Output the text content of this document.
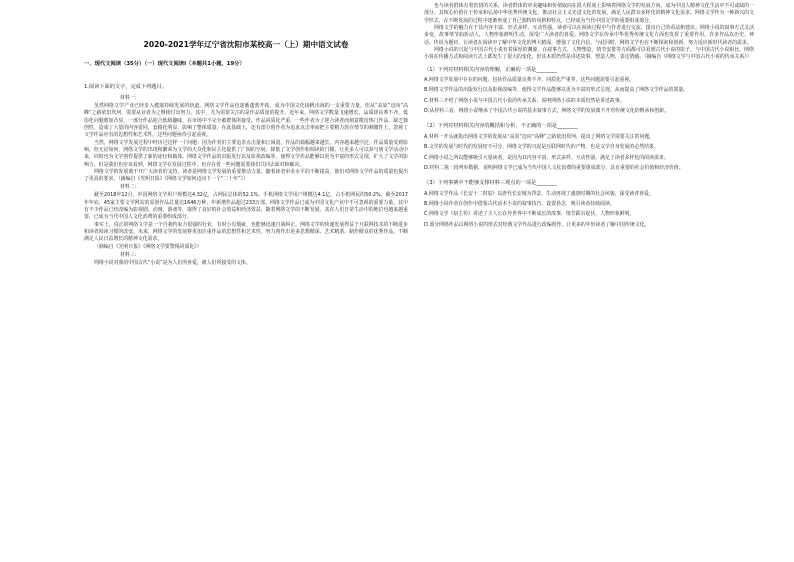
2020-2021学年辽宁省沈阳市某校高一（上）期中语文试卷
一、现代文阅读（35分）（一）现代文阅读Ⅰ（本题共1小题，19分）
1.阅读下面的文字，完成下列题目。
材料一：

虽然网络文学产业已经步入健康持续发展的轨道，网络文学作品也逐渐蓬勃开拓，成为中国文化扬帆出海的一支重要力量，但从“高原”迈向“高峰”之路依旧坎坷，需要从业者为之继续付出努力。其中，尤为需要关注的是作品质量的提升。近年来，网络文学数量飞速增长，品质却良莠不齐，低俗化问题愈加凸显，一部分作品迎合低级趣味，在市场中不完全被群体所接受。作品同质化严重，一些作者为了迎合读者而刻意模仿热门作品，缺乏独创性，造成了大量的内容雷同，套路化明显，影响了整体质量。在此基础上，还有部分创作者为追求点击率而把主要精力放在情节的刺激性上，忽视了文学作品应有的思想性和艺术性。这些问题亟待引起重视。

当然，网络文学发展过程中经历过这样一个问题：因为作者们主要追求点击量和订阅量，作品的篇幅越来越长，内容越来越空泛，作品质量受到影响。但无论如何，网络文学的出现和繁荣为文学的大众化和民主化提供了广阔的空间，降低了文学创作和阅读的门槛，让更多人可以参与到文学活动中来，同时也为文学创作提供了新的途径和载体。网络文学作品的出版发行以及影视改编等，使得文学作品能够以更为丰富的形式呈现，扩大了文学的影响力。但是我们也应该看到，网络文学在发展过程中，也存在着一些问题需要我们共同去面对和解决。

网络文学的发展离不开广大读者的支持，读者是网络文学发展的重要推动力量。随着读者审美水平的不断提高，他们对网络文学作品的质量也提出了更高的要求。（摘编自《光明日报》《网络文学如何迈向下一个“二十年”》）

材料二：

截至2018年12月，中国网络文学用户规模达4.32亿，占网民总体的52.1%。手机网络文学用户规模达4.1亿，占手机网民的50.2%。截至2017年年底，45家主要文学网站的原创作品总量达1646万种，年新增作品超过233万部。网络文学作品已成为中国文化产业中不可忽视的重要力量，其中有不少作品已经改编为影视剧、动漫、游戏等，取得了良好的社会效益和经济效益。随着网络文学的不断发展，其在人们日常生活中的地位也越来越重要，已成为当代中国人文化消费的重要组成部分。

事实上，真正的网络文学是一个自我约束力很强的行业，有时小有瑕疵，也能够迅速自我纠正。网络文学的快速发展得益于互联网技术的不断进步和读者阅读习惯的改变。未来，网络文学的发展将更加注重作品的思想性和艺术性，努力创作出更多思想精深、艺术精湛、制作精良的优秀作品，不断满足人民日益增长的精神文化需求。

（摘编自《光明日报》《网络文学要警惕同质化》）
材料三：

网络小说对我的中国古代“小说”是为人们所喜爱，被人们所接受的文体。

也与读者群体有着密切的关系，读者群体的审美趣味和价值取向在很大程度上影响着网络文学的发展方向。成为中国人精神文化生活中不可或缺的一部分。其核心价值在于传承和弘扬中华优秀传统文化，推动社会主义先进文化的发展，满足人民群众多样化的精神文化需求。网络文学作为一种新兴的文学形式，在不断发展的过程中逐渐形成了自己独特的风格和特点，已经成为当代中国文学的重要组成部分。

网络文学的魅力在于其内容丰富、形式多样、互动性强，读者可以在阅读过程中与作者进行交流，提出自己的看法和建议。网络小说的叙事方式灵活多变，故事情节曲折动人，人物形象鲜明生动，深受广大读者的喜爱。网络文学在传承中华优秀传统文化方面也发挥了重要作用，许多作品以历史、神话、传说为题材，让读者在阅读中了解中华文化的博大精深，增强了文化自信。与此同时，网络文学也在不断探索和创新，努力适应新时代读者的需求。

网络小说的兴起与中国古代小说有着深厚的渊源，在叙事方式、人物塑造、情节安排等方面都可以看到古代小说的影子。与中国古代小说相比，网络小说在传播方式和阅读方式上都发生了很大的变化，但其本质仍然是讲述故事、塑造人物、表达情感。（摘编自《网络文学与中国古代小说的传承关系》）

（1）下列对材料相关内容的理解，正确的一项是________
A.网络文学发展中存在的问题，包括作品质量良莠不齐、同质化严重等，这些问题需要引起重视。
B.网络文学作品的出版发行以及影视改编等，使得文学作品能够以更为丰富的形式呈现，从而提高了网络文学作品的质量。
C.材料三介绍了网络小说与中国古代小说的传承关系，说明网络小说的本质仍然是讲述故事。
D.从材料三看，网络小说继承了中国古代小说的基本叙事方式，网络文学的发展离不开对传统文化的继承和创新。
（2）下列对材料相关内容的概括和分析，不正确的一项是________
A.材料一开头就指出网络文学的发展从“高原”迈向“高峰”之路依旧坎坷，提出了网络文学需要关注的问题。
B.文学的发展与时代的发展密不可分，网络文学的兴起是互联网时代的产物，也是文学自身发展的必然结果。
C.网络小说之所以能够吸引大量读者，是因为其内容丰富、形式多样、互动性强，满足了读者多样化的阅读需求。
D.材料二第一段列举数据，说明网络文学已成为当代中国人文化消费的重要组成部分，具有重要的社会价值和经济价值。
（3）下列事例中不能够支撑材料三观点的一项是________
A.网络文学作品《长安十二时辰》以唐代长安城为背景，生动再现了盛唐时期的社会风貌，深受读者喜爱。
B.网络小说作者在创作中借鉴古代话本小说的叙事技巧，设置悬念，吸引读者持续阅读。
C.网络文学《宿主传》讲述了主人公在异世界中不断成长的故事，情节跌宕起伏，人物形象鲜明。
D.部分网络作品以网络小说的形式对经典文学作品进行改编创作，让更多的年轻读者了解中国传统文化。
